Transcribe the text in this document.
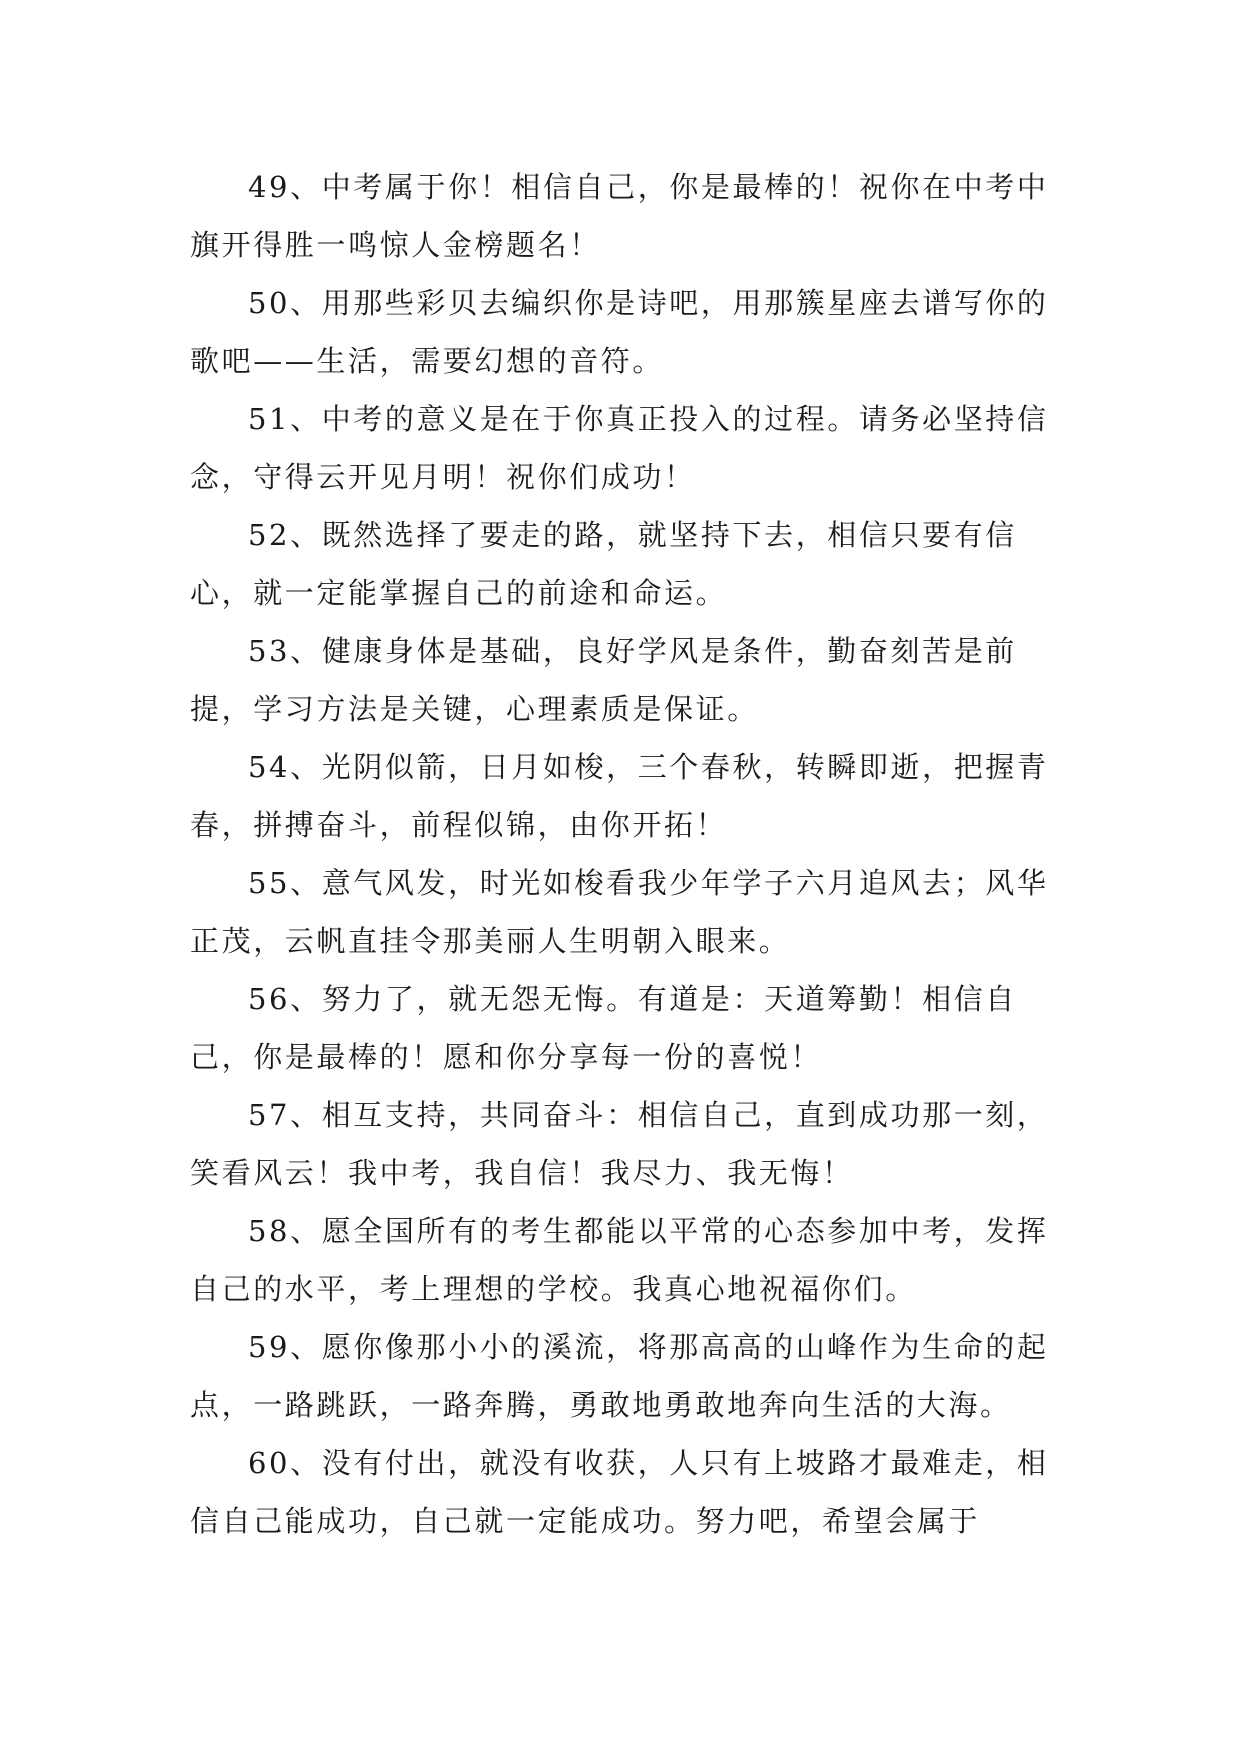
49、中考属于你！相信自己，你是最棒的！祝你在中考中旗开得胜一鸣惊人金榜题名！

50、用那些彩贝去编织你是诗吧，用那簇星座去谱写你的歌吧——生活，需要幻想的音符。

51、中考的意义是在于你真正投入的过程。请务必坚持信念，守得云开见月明！祝你们成功！

52、既然选择了要走的路，就坚持下去，相信只要有信心，就一定能掌握自己的前途和命运。

53、健康身体是基础，良好学风是条件，勤奋刻苦是前提，学习方法是关键，心理素质是保证。

54、光阴似箭，日月如梭，三个春秋，转瞬即逝，把握青春，拼搏奋斗，前程似锦，由你开拓！

55、意气风发，时光如梭看我少年学子六月追风去；风华正茂，云帆直挂令那美丽人生明朝入眼来。

56、努力了，就无怨无悔。有道是：天道筹勤！相信自己，你是最棒的！愿和你分享每一份的喜悦！

57、相互支持，共同奋斗：相信自己，直到成功那一刻，笑看风云！我中考，我自信！我尽力、我无悔！

58、愿全国所有的考生都能以平常的心态参加中考，发挥自己的水平，考上理想的学校。我真心地祝福你们。

59、愿你像那小小的溪流，将那高高的山峰作为生命的起点，一路跳跃，一路奔腾，勇敢地勇敢地奔向生活的大海。

60、没有付出，就没有收获，人只有上坡路才最难走，相信自己能成功，自己就一定能成功。努力吧，希望会属于
